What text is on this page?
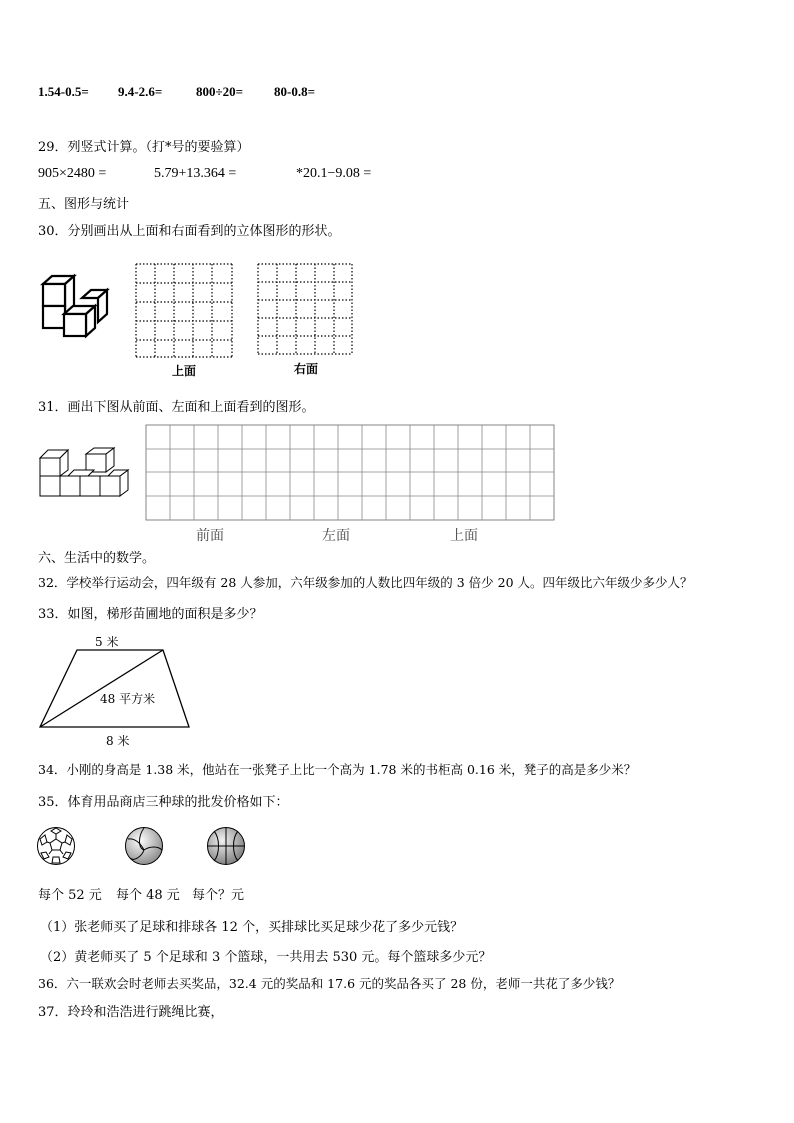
1.54-0.5= 9.4-2.6=	800÷20= 80-0.8=
29．列竖式计算。（打*号的要验算）
905×2480 =	5.79+13.364 =	*20.1−9.08 =
五、图形与统计
30．分别画出从上面和右面看到的立体图形的形状。
上面	右面
31．画出下图从前面、左面和上面看到的图形。
前面	左面	上面
六、生活中的数学。
32．学校举行运动会，四年级有 28 人参加，六年级参加的人数比四年级的 3 倍少 20 人。四年级比六年级少多少人？
33．如图，梯形苗圃地的面积是多少？
5 米
48 平方米
8 米
34．小刚的身高是 1.38 米，他站在一张凳子上比一个高为 1.78 米的书柜高 0.16 米，凳子的高是多少米？
35．体育用品商店三种球的批发价格如下：
每个 52 元 每个 48 元 每个？元
（1）张老师买了足球和排球各 12 个，买排球比买足球少花了多少元钱？
（2）黄老师买了 5 个足球和 3 个篮球，一共用去 530 元。每个篮球多少元？
36．六一联欢会时老师去买奖品，32.4 元的奖品和 17.6 元的奖品各买了 28 份，老师一共花了多少钱？
37．玲玲和浩浩进行跳绳比赛，
